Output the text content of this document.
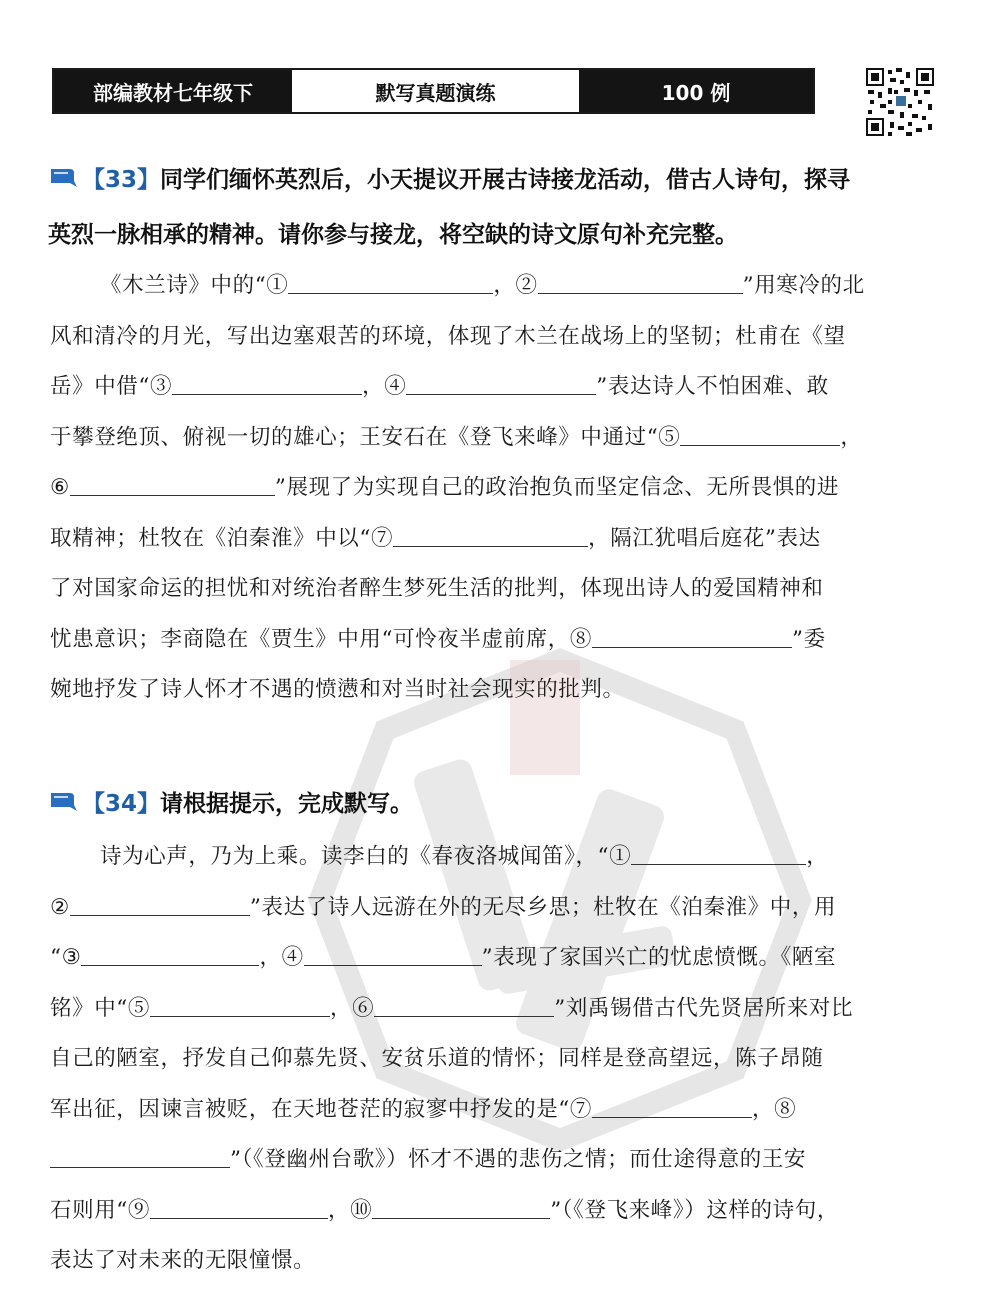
部编教材七年级下	默写真题演练	100 例
【33】同学们缅怀英烈后，小天提议开展古诗接龙活动，借古人诗句，探寻
英烈一脉相承的精神。请你参与接龙，将空缺的诗文原句补充完整。
《木兰诗》中的“①	，②	”用寒冷的北
风和清冷的月光，写出边塞艰苦的环境，体现了木兰在战场上的坚韧；杜甫在《望
岳》中借“③	，④	”表达诗人不怕困难、敢
于攀登绝顶、俯视一切的雄心；王安石在《登飞来峰》中通过“⑤	，
⑥	”展现了为实现自己的政治抱负而坚定信念、无所畏惧的进
取精神；杜牧在《泊秦淮》中以“⑦	，隔江犹唱后庭花”表达
了对国家命运的担忧和对统治者醉生梦死生活的批判，体现出诗人的爱国精神和
忧患意识；李商隐在《贾生》中用“可怜夜半虚前席，⑧	”委
婉地抒发了诗人怀才不遇的愤懑和对当时社会现实的批判。
【34】请根据提示，完成默写。
诗为心声，乃为上乘。读李白的《春夜洛城闻笛》，“①	，
②	”表达了诗人远游在外的无尽乡思；杜牧在《泊秦淮》中，用
“③	，④	”表现了家国兴亡的忧虑愤慨。《陋室
铭》中“⑤	，⑥	”刘禹锡借古代先贤居所来对比
自己的陋室，抒发自己仰慕先贤、安贫乐道的情怀；同样是登高望远，陈子昂随
军出征，因谏言被贬，在天地苍茫的寂寥中抒发的是“⑦	，⑧
”（《登幽州台歌》）怀才不遇的悲伤之情；而仕途得意的王安
石则用“⑨	，⑩	”（《登飞来峰》）这样的诗句，
表达了对未来的无限憧憬。
